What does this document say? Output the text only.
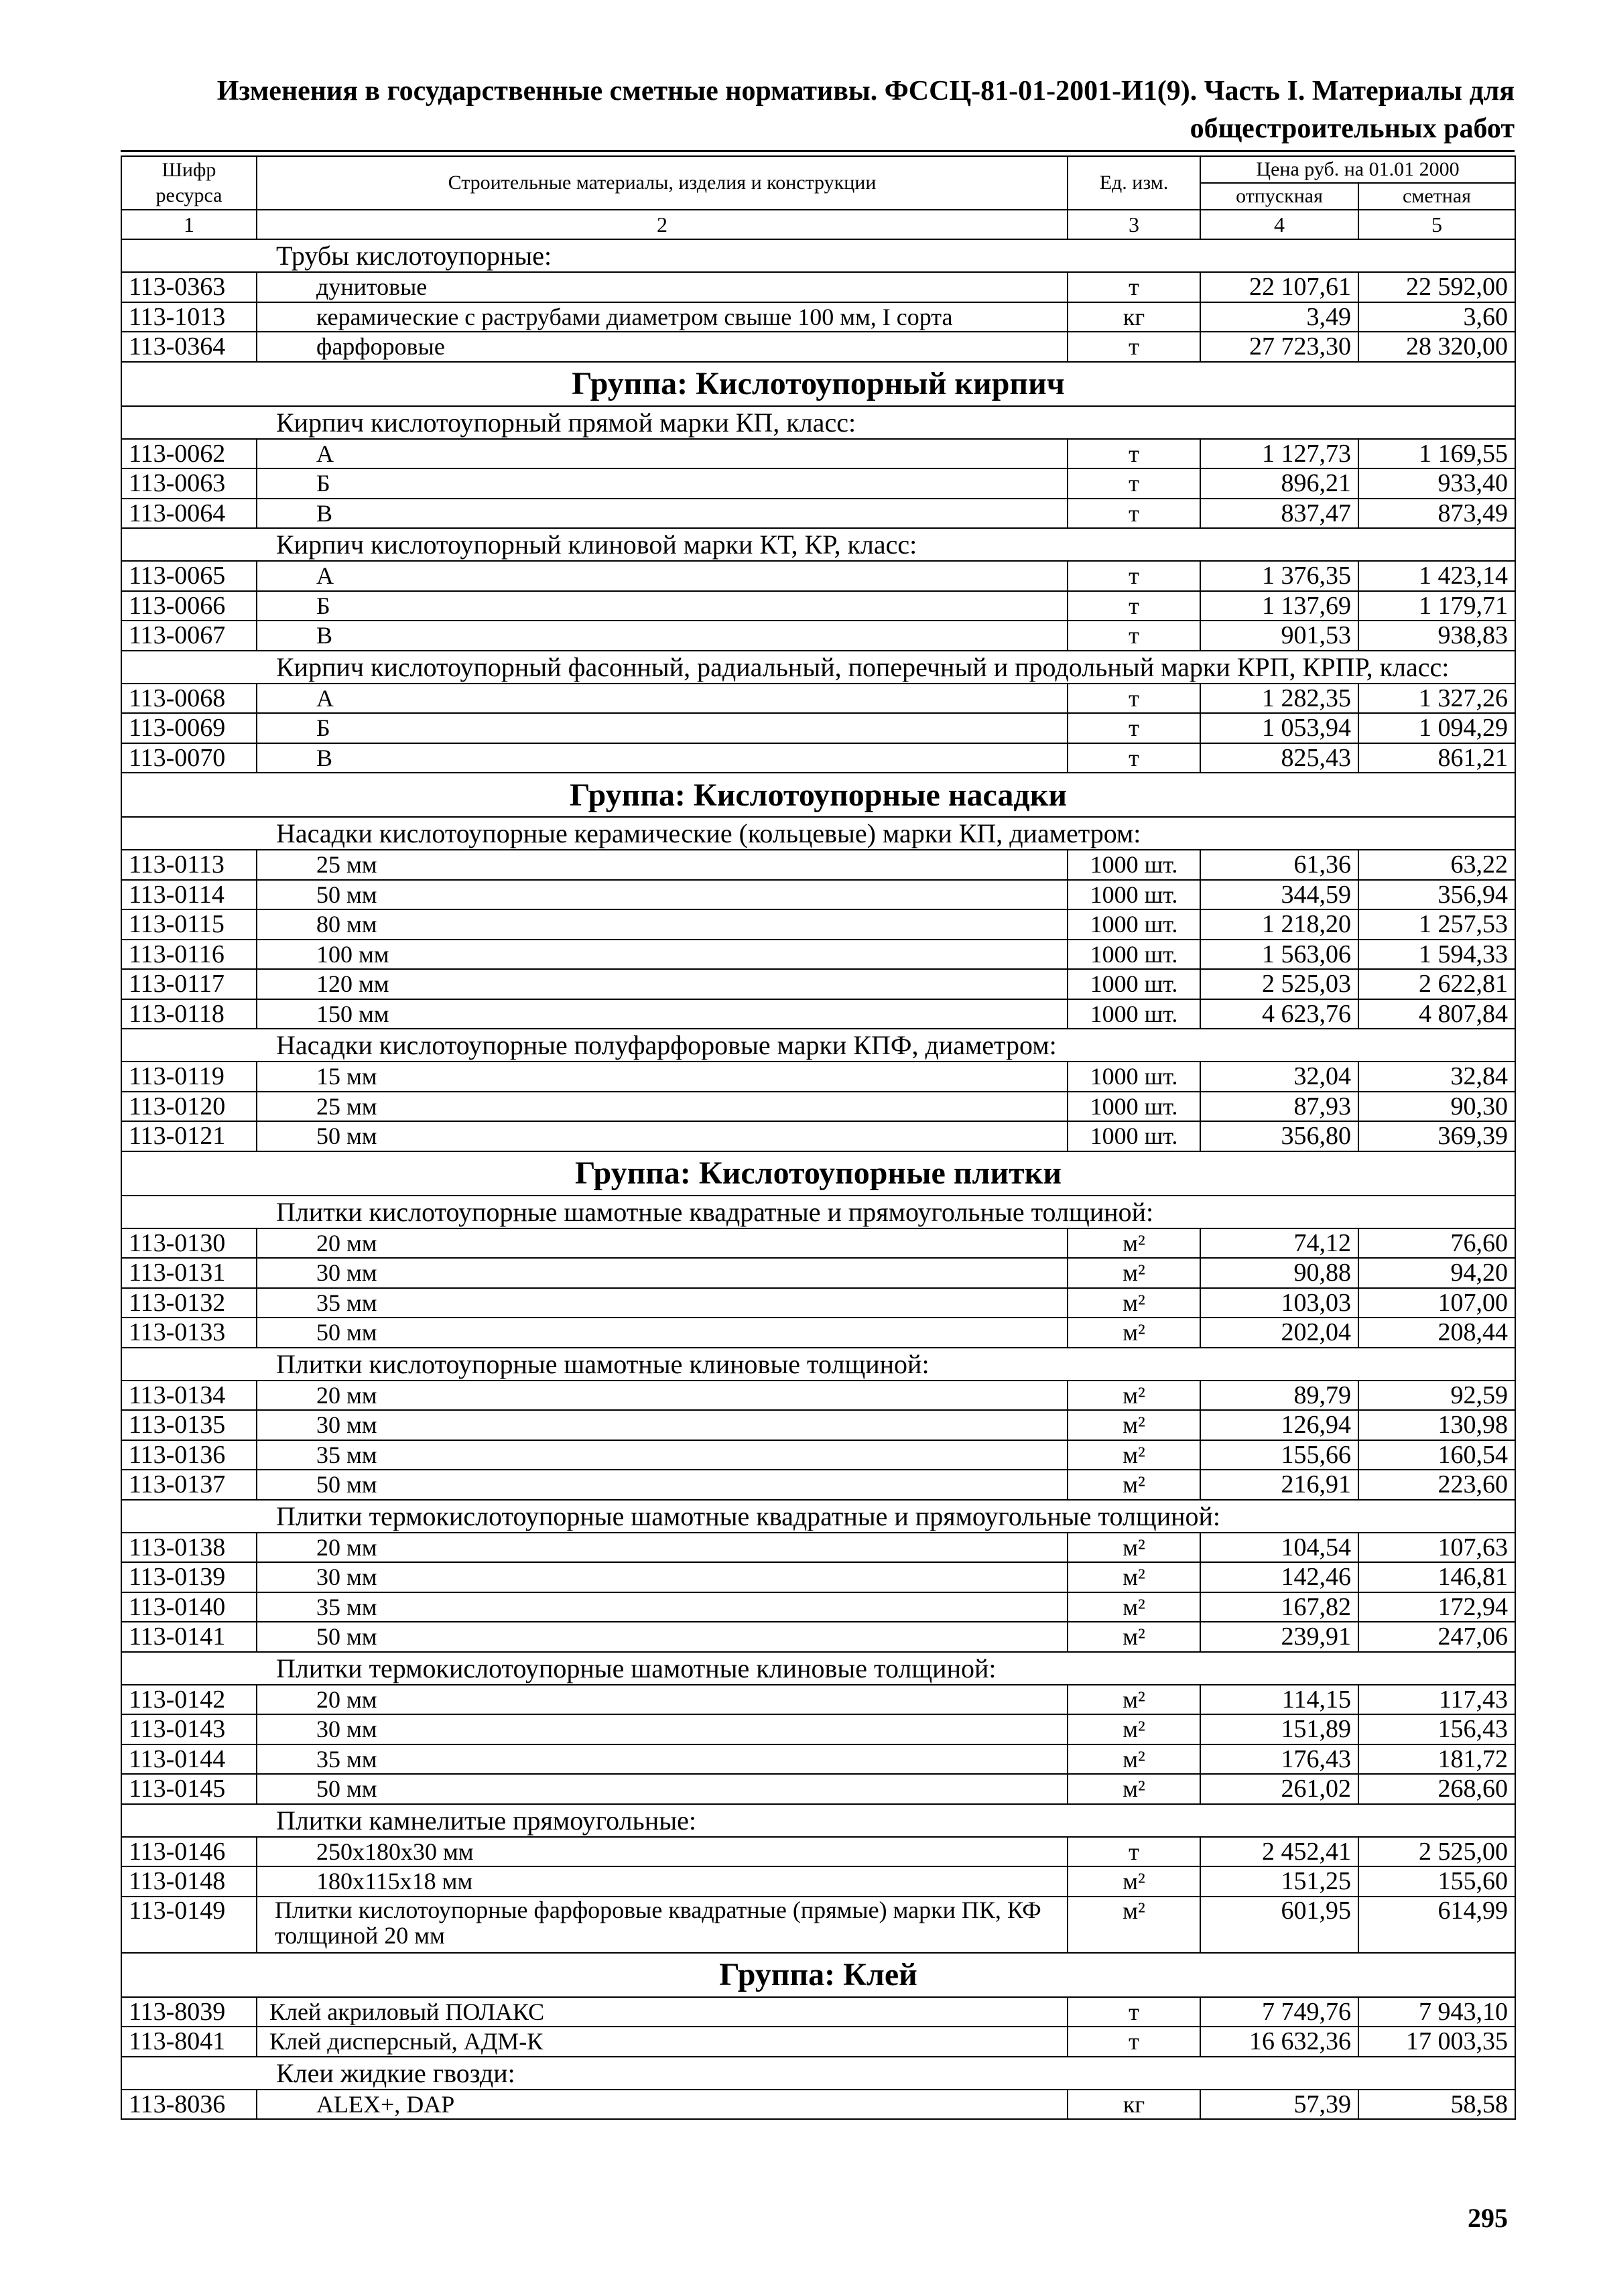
Изменения в государственные сметные нормативы. ФССЦ-81-01-2001-И1(9). Часть I. Материалы для
общестроительных работ
Шифр ресурса	Строительные материалы, изделия и конструкции	Ед. изм.	Цена руб. на 01.01 2000	
			отпускная	сметная
1	2	3	4	5
Трубы кислотоупорные:				
113-0363	дунитовые	т	22 107,61	22 592,00
113-1013	керамические с раструбами диаметром свыше 100 мм, I сорта	кг	3,49	3,60
113-0364	фарфоровые	т	27 723,30	28 320,00
Группа: Кислотоупорный кирпич				
Кирпич кислотоупорный прямой марки КП, класс:				
113-0062	А	т	1 127,73	1 169,55
113-0063	Б	т	896,21	933,40
113-0064	В	т	837,47	873,49
Кирпич кислотоупорный клиновой марки КТ, КР, класс:				
113-0065	А	т	1 376,35	1 423,14
113-0066	Б	т	1 137,69	1 179,71
113-0067	В	т	901,53	938,83
Кирпич кислотоупорный фасонный, радиальный, поперечный и продольный марки КРП, КРПР, класс:				
113-0068	А	т	1 282,35	1 327,26
113-0069	Б	т	1 053,94	1 094,29
113-0070	В	т	825,43	861,21
Группа: Кислотоупорные насадки				
Насадки кислотоупорные керамические (кольцевые) марки КП, диаметром:				
113-0113	25 мм	1000 шт.	61,36	63,22
113-0114	50 мм	1000 шт.	344,59	356,94
113-0115	80 мм	1000 шт.	1 218,20	1 257,53
113-0116	100 мм	1000 шт.	1 563,06	1 594,33
113-0117	120 мм	1000 шт.	2 525,03	2 622,81
113-0118	150 мм	1000 шт.	4 623,76	4 807,84
Насадки кислотоупорные полуфарфоровые марки КПФ, диаметром:				
113-0119	15 мм	1000 шт.	32,04	32,84
113-0120	25 мм	1000 шт.	87,93	90,30
113-0121	50 мм	1000 шт.	356,80	369,39
Группа: Кислотоупорные плитки				
Плитки кислотоупорные шамотные квадратные и прямоугольные толщиной:				
113-0130	20 мм	м²	74,12	76,60
113-0131	30 мм	м²	90,88	94,20
113-0132	35 мм	м²	103,03	107,00
113-0133	50 мм	м²	202,04	208,44
Плитки кислотоупорные шамотные клиновые толщиной:				
113-0134	20 мм	м²	89,79	92,59
113-0135	30 мм	м²	126,94	130,98
113-0136	35 мм	м²	155,66	160,54
113-0137	50 мм	м²	216,91	223,60
Плитки термокислотоупорные шамотные квадратные и прямоугольные толщиной:				
113-0138	20 мм	м²	104,54	107,63
113-0139	30 мм	м²	142,46	146,81
113-0140	35 мм	м²	167,82	172,94
113-0141	50 мм	м²	239,91	247,06
Плитки термокислотоупорные шамотные клиновые толщиной:				
113-0142	20 мм	м²	114,15	117,43
113-0143	30 мм	м²	151,89	156,43
113-0144	35 мм	м²	176,43	181,72
113-0145	50 мм	м²	261,02	268,60
Плитки камнелитые прямоугольные:				
113-0146	250x180x30 мм	т	2 452,41	2 525,00
113-0148	180x115x18 мм	м²	151,25	155,60
113-0149	Плитки кислотоупорные фарфоровые квадратные (прямые) марки ПК, КФ толщиной 20 мм	м²	601,95	614,99
Группа: Клей				
113-8039	Клей акриловый ПОЛАКС	т	7 749,76	7 943,10
113-8041	Клей дисперсный, АДМ-К	т	16 632,36	17 003,35
Клеи жидкие гвозди:				
113-8036	ALEX+, DAP	кг	57,39	58,58
295
